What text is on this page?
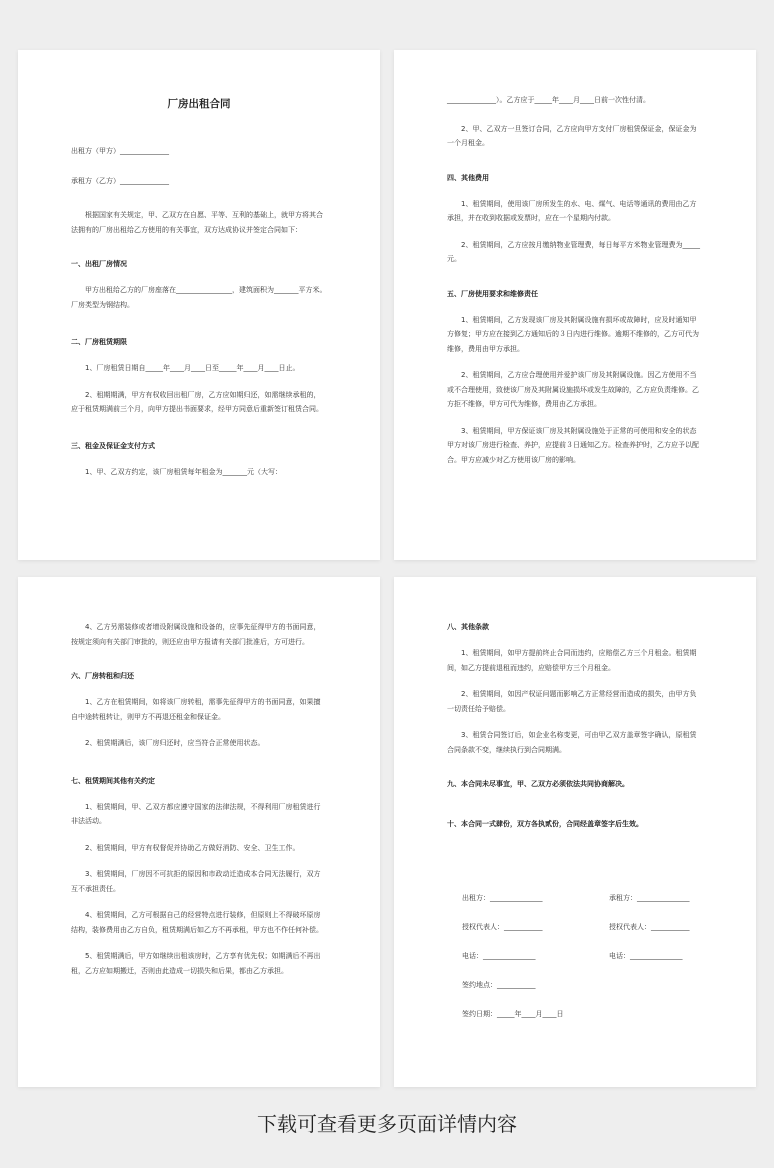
厂房出租合同

出租方（甲方）______________

承租方（乙方）______________

根据国家有关规定，甲、乙双方在自愿、平等、互利的基础上，就甲方将其合法拥有的厂房出租给乙方使用的有关事宜，双方达成协议并签定合同如下：

一、出租厂房情况

甲方出租给乙方的厂房座落在________________，建筑面积为_______平方米。厂房类型为钢结构。

二、厂房租赁期限

1、厂房租赁日期自_____年____月____日至_____年____月____日止。

2、租期期满，甲方有权收回出租厂房，乙方应如期归还，如需继续承租的，应于租赁期满前三个月，向甲方提出书面要求，经甲方同意后重新签订租赁合同。

三、租金及保证金支付方式

1、甲、乙双方约定，该厂房租赁每年租金为_______元（大写：

______________）。乙方应于_____年____月____日前一次性付清。

2、甲、乙双方一旦签订合同，乙方应向甲方支付厂房租赁保证金，保证金为一个月租金。

四、其他费用

1、租赁期间，使用该厂房所发生的水、电、煤气、电话等通讯的费用由乙方承担，并在收到收据或发票时，应在一个星期内付款。

2、租赁期间，乙方应按月缴纳物业管理费，每日每平方米物业管理费为_____元。

五、厂房使用要求和维修责任

1、租赁期间，乙方发现该厂房及其附属设施有损坏或故障时，应及时通知甲方修复；甲方应在接到乙方通知后的３日内进行维修。逾期不维修的，乙方可代为维修，费用由甲方承担。

2、租赁期间，乙方应合理使用并爱护该厂房及其附属设施。因乙方使用不当或不合理使用，致使该厂房及其附属设施损坏或发生故障的，乙方应负责维修。乙方拒不维修，甲方可代为维修，费用由乙方承担。

3、租赁期间，甲方保证该厂房及其附属设施处于正常的可使用和安全的状态甲方对该厂房进行检查、养护，应提前３日通知乙方。检查养护时，乙方应予以配合。甲方应减少对乙方使用该厂房的影响。

4、乙方另需装修或者增设附属设施和设备的，应事先征得甲方的书面同意，按规定须向有关部门审批的，则还应由甲方报请有关部门批准后，方可进行。

六、厂房转租和归还

1、乙方在租赁期间，如将该厂房转租，需事先征得甲方的书面同意，如果擅自中途转租转让，则甲方不再退还租金和保证金。

2、租赁期满后，该厂房归还时，应当符合正常使用状态。

七、租赁期间其他有关约定

1、租赁期间，甲、乙双方都应遵守国家的法律法规，不得利用厂房租赁进行非法活动。

2、租赁期间，甲方有权督促并协助乙方做好消防、安全、卫生工作。

3、租赁期间，厂房因不可抗拒的原因和市政动迁造成本合同无法履行，双方互不承担责任。

4、租赁期间，乙方可根据自己的经营特点进行装修，但原则上不得破坏原房结构，装修费用由乙方自负，租赁期满后如乙方不再承租，甲方也不作任何补偿。

5、租赁期满后，甲方如继续出租该房时，乙方享有优先权；如期满后不再出租，乙方应如期搬迁，否则由此造成一切损失和后果，都由乙方承担。

八、其他条款

1、租赁期间，如甲方提前终止合同而违约，应赔偿乙方三个月租金。租赁期间，如乙方提前退租而违约，应赔偿甲方三个月租金。

2、租赁期间，如因产权证问题而影响乙方正常经营而造成的损失，由甲方负一切责任给予赔偿。

3、租赁合同签订后，如企业名称变更，可由甲乙双方盖章签字确认，原租赁合同条款不变，继续执行到合同期满。

九、本合同未尽事宜，甲、乙双方必须依法共同协商解决。

十、本合同一式肆份，双方各执贰份，合同经盖章签字后生效。

出租方：_______________	承租方：_______________
授权代表人：___________	授权代表人：___________
电话：_______________	电话：_______________
签约地点：___________
签约日期：_____年____月____日
下载可查看更多页面详情内容
